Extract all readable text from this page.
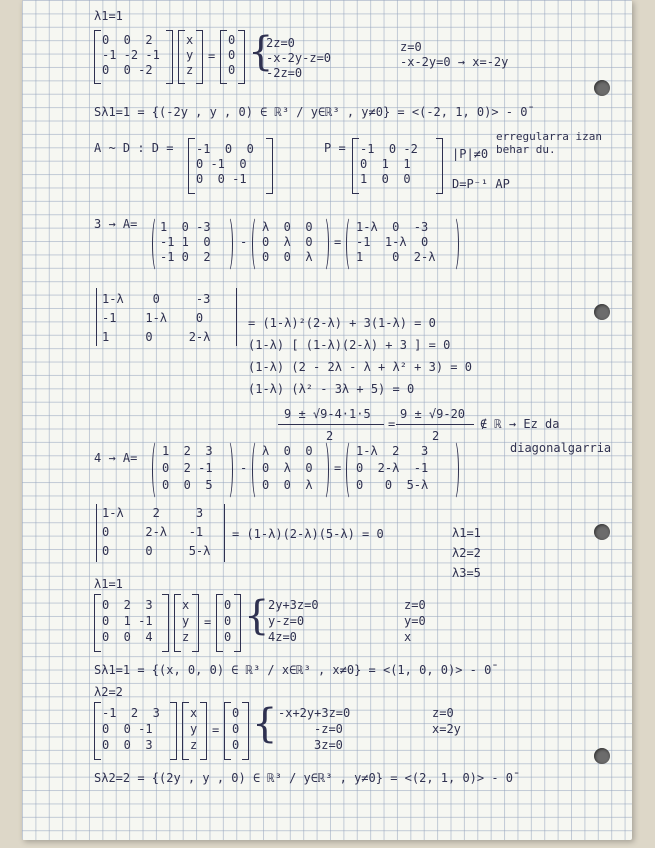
λ1=1
0  0  2
-1 -2 -1
0  0 -2
x
y
z
=
0
0
0 {
2z=0
-x-2y-z=0
-2z=0
z=0
-x-2y=0 → x=-2y
Sλ1=1 = {(-2y , y , 0) ∈ ℝ³ / y∈ℝ³ , y≠0} = <(-2, 1, 0)> - 0̄
A ~ D : D = -1  0  0
0 -1  0
0  0 -1
P = -1  0 -2
0  1  1
1  0  0
|P|≠0
erregularra izan behar du.
D=P⁻¹ AP
3 → A= 1  0 -3
-1 1  0
-1 0  2
-
λ  0  0
0  λ  0
0  0  λ
=
1-λ  0  -3
-1  1-λ  0
1    0  2-λ
1-λ    0     -3
-1    1-λ    0
1     0     2-λ
= (1-λ)²(2-λ) + 3(1-λ) = 0
(1-λ) [ (1-λ)(2-λ) + 3 ] = 0
(1-λ) (2 - 2λ - λ + λ² + 3) = 0
(1-λ) (λ² - 3λ + 5) = 0
9 ± √9-4·1·5
2
=
9 ± √9-20
2
∉ ℝ → Ez da
diagonalgarria
4 → A= 1  2  3
0  2 -1
0  0  5
-
λ  0  0
0  λ  0
0  0  λ
=
1-λ  2   3
0  2-λ  -1
0   0  5-λ
1-λ    2     3
0     2-λ   -1
0     0     5-λ
= (1-λ)(2-λ)(5-λ) = 0	λ1=1
λ2=2
λ3=5
λ1=1
0  2  3
0  1 -1
0  0  4
x
y
z
=
0
0
0 {
2y+3z=0
y-z=0
4z=0
z=0
y=0
x
Sλ1=1 = {(x, 0, 0) ∈ ℝ³ / x∈ℝ³ , x≠0} = <(1, 0, 0)> - 0̄
λ2=2
-1  2  3
0  0 -1
0  0  3
x
y
z
=
0
0
0 { -x+2y+3z=0
-z=0
3z=0
z=0
x=2y
Sλ2=2 = {(2y , y , 0) ∈ ℝ³ / y∈ℝ³ , y≠0} = <(2, 1, 0)> - 0̄
